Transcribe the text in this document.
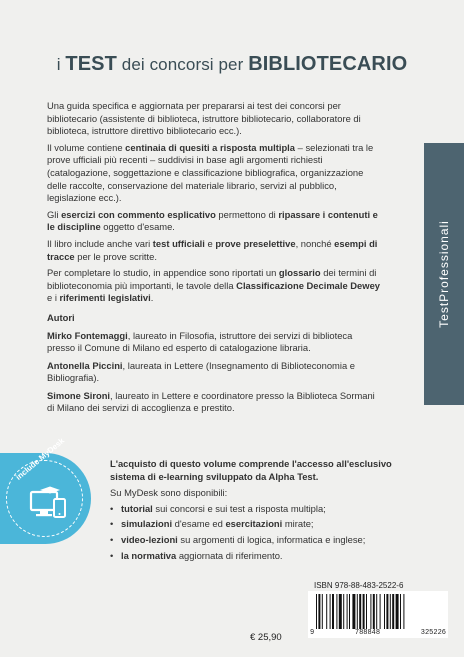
i TEST dei concorsi per BIBLIOTECARIO

Una guida specifica e aggiornata per prepararsi ai test dei concorsi per bibliotecario (assistente di biblioteca, istruttore bibliotecario, collaboratore di biblioteca, istruttore direttivo bibliotecario ecc.).

Il volume contiene centinaia di quesiti a risposta multipla – selezionati tra le prove ufficiali più recenti – suddivisi in base agli argomenti richiesti (catalogazione, soggettazione e classificazione bibliografica, organizzazione delle raccolte, conservazione del materiale librario, servizi al pubblico, legislazione ecc.).

Gli esercizi con commento esplicativo permettono di ripassare i contenuti e le discipline oggetto d'esame.

Il libro include anche vari test ufficiali e prove preselettive, nonché esempi di tracce per le prove scritte.

Per completare lo studio, in appendice sono riportati un glossario dei termini di biblioteconomia più importanti, le tavole della Classificazione Decimale Dewey e i riferimenti legislativi.

Autori

Mirko Fontemaggi, laureato in Filosofia, istruttore dei servizi di biblioteca presso il Comune di Milano ed esperto di catalogazione libraria.

Antonella Piccini, laureata in Lettere (Insegnamento di Biblioteconomia e Bibliografia).

Simone Sironi, laureato in Lettere e coordinatore presso la Biblioteca Sormani di Milano dei servizi di accoglienza e prestito.

TestProfessionali
include MyDesk	L'acquisto di questo volume comprende l'accesso all'esclusivo sistema di e-learning sviluppato da Alpha Test.
Su MyDesk sono disponibili:
• tutorial sui concorsi e sui test a risposta multipla;
• simulazioni d'esame ed esercitazioni mirate;
• video-lezioni su argomenti di logica, informatica e inglese;
• la normativa aggiornata di riferimento.
ISBN 978-88-483-2522-6
9	788848	325226
€ 25,90
